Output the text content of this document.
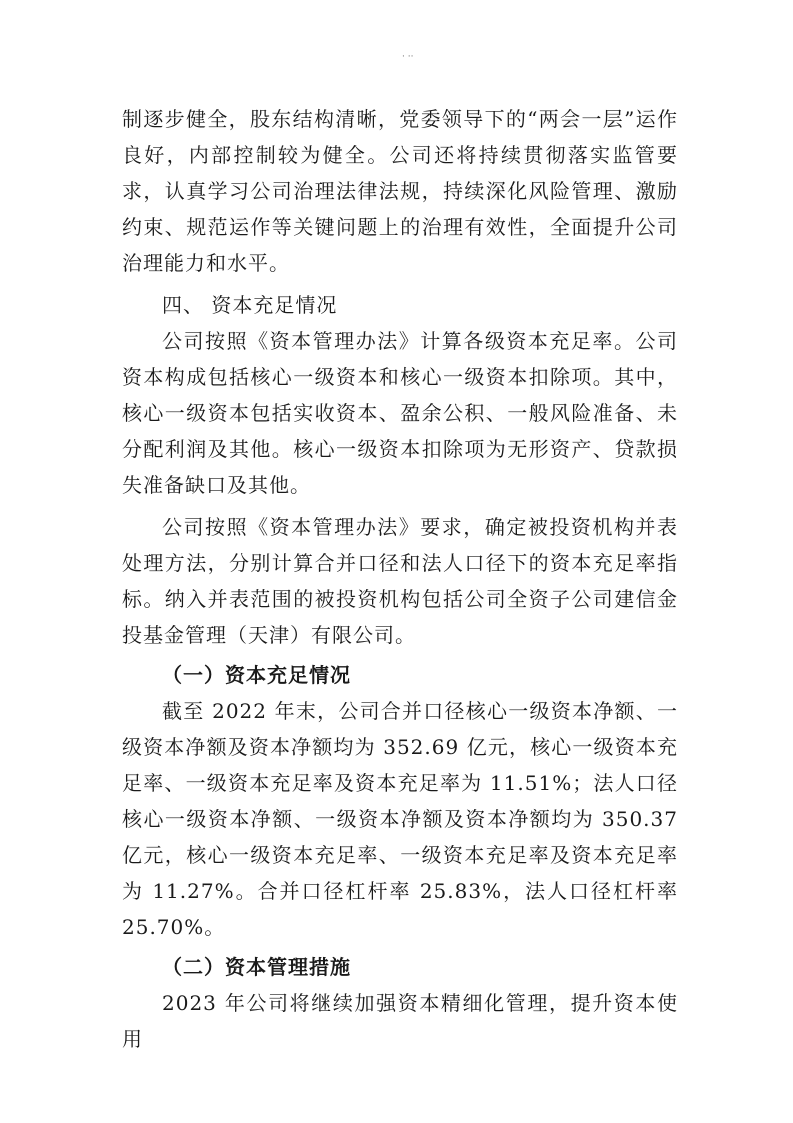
· ··

制逐步健全，股东结构清晰，党委领导下的“两会一层”运作良好，内部控制较为健全。公司还将持续贯彻落实监管要求，认真学习公司治理法律法规，持续深化风险管理、激励约束、规范运作等关键问题上的治理有效性，全面提升公司治理能力和水平。

四、 资本充足情况

公司按照《资本管理办法》计算各级资本充足率。公司资本构成包括核心一级资本和核心一级资本扣除项。其中，核心一级资本包括实收资本、盈余公积、一般风险准备、未分配利润及其他。核心一级资本扣除项为无形资产、贷款损失准备缺口及其他。

公司按照《资本管理办法》要求，确定被投资机构并表处理方法，分别计算合并口径和法人口径下的资本充足率指标。纳入并表范围的被投资机构包括公司全资子公司建信金投基金管理（天津）有限公司。

（一）资本充足情况

截至 2022 年末，公司合并口径核心一级资本净额、一级资本净额及资本净额均为 352.69 亿元，核心一级资本充足率、一级资本充足率及资本充足率为 11.51%；法人口径核心一级资本净额、一级资本净额及资本净额均为 350.37 亿元，核心一级资本充足率、一级资本充足率及资本充足率为 11.27%。合并口径杠杆率 25.83%，法人口径杠杆率 25.70%。

（二）资本管理措施

2023 年公司将继续加强资本精细化管理，提升资本使用
